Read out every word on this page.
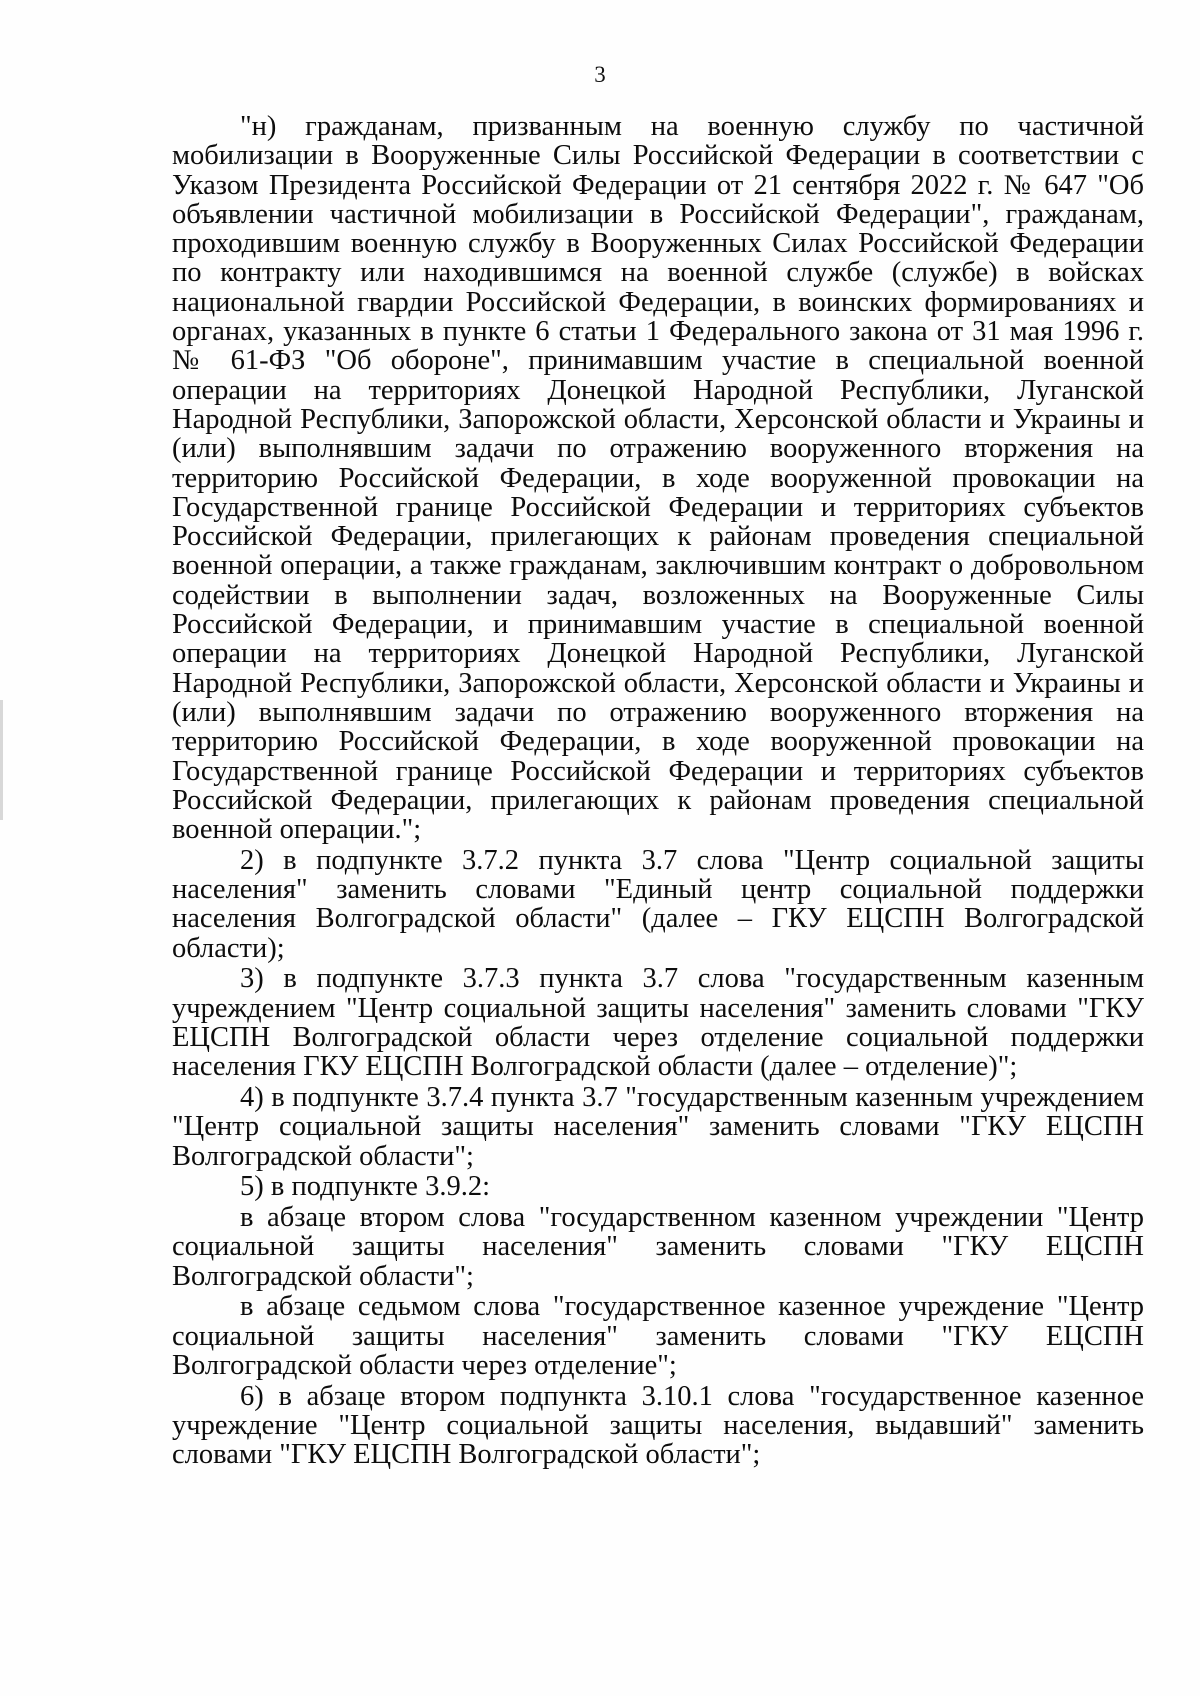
3

"н) гражданам, призванным на военную службу по частичной мобилизации в Вооруженные Силы Российской Федерации в соответствии с Указом Президента Российской Федерации от 21 сентября 2022 г. № 647 "Об объявлении частичной мобилизации в Российской Федерации", гражданам, проходившим военную службу в Вооруженных Силах Российской Федерации по контракту или находившимся на военной службе (службе) в войсках национальной гвардии Российской Федерации, в воинских формированиях и органах, указанных в пункте 6 статьи 1 Федерального закона от 31 мая 1996 г. № 61-ФЗ "Об обороне", принимавшим участие в специальной военной операции на территориях Донецкой Народной Республики, Луганской Народной Республики, Запорожской области, Херсонской области и Украины и (или) выполнявшим задачи по отражению вооруженного вторжения на территорию Российской Федерации, в ходе вооруженной провокации на Государственной границе Российской Федерации и территориях субъектов Российской Федерации, прилегающих к районам проведения специальной военной операции, а также гражданам, заключившим контракт о добровольном содействии в выполнении задач, возложенных на Вооруженные Силы Российской Федерации, и принимавшим участие в специальной военной операции на территориях Донецкой Народной Республики, Луганской Народной Республики, Запорожской области, Херсонской области и Украины и (или) выполнявшим задачи по отражению вооруженного вторжения на территорию Российской Федерации, в ходе вооруженной провокации на Государственной границе Российской Федерации и территориях субъектов Российской Федерации, прилегающих к районам проведения специальной военной операции.";

2) в подпункте 3.7.2 пункта 3.7 слова "Центр социальной защиты населения" заменить словами "Единый центр социальной поддержки населения Волгоградской области" (далее – ГКУ ЕЦСПН Волгоградской области);

3) в подпункте 3.7.3 пункта 3.7 слова "государственным казенным учреждением "Центр социальной защиты населения" заменить словами "ГКУ ЕЦСПН Волгоградской области через отделение социальной поддержки населения ГКУ ЕЦСПН Волгоградской области (далее – отделение)";

4) в подпункте 3.7.4 пункта 3.7 "государственным казенным учреждением "Центр социальной защиты населения" заменить словами "ГКУ ЕЦСПН Волгоградской области";

5) в подпункте 3.9.2:

в абзаце втором слова "государственном казенном учреждении "Центр социальной защиты населения" заменить словами "ГКУ ЕЦСПН Волгоградской области";

в абзаце седьмом слова "государственное казенное учреждение "Центр социальной защиты населения" заменить словами "ГКУ ЕЦСПН Волгоградской области через отделение";

6) в абзаце втором подпункта 3.10.1 слова "государственное казенное учреждение "Центр социальной защиты населения, выдавший" заменить словами "ГКУ ЕЦСПН Волгоградской области";
